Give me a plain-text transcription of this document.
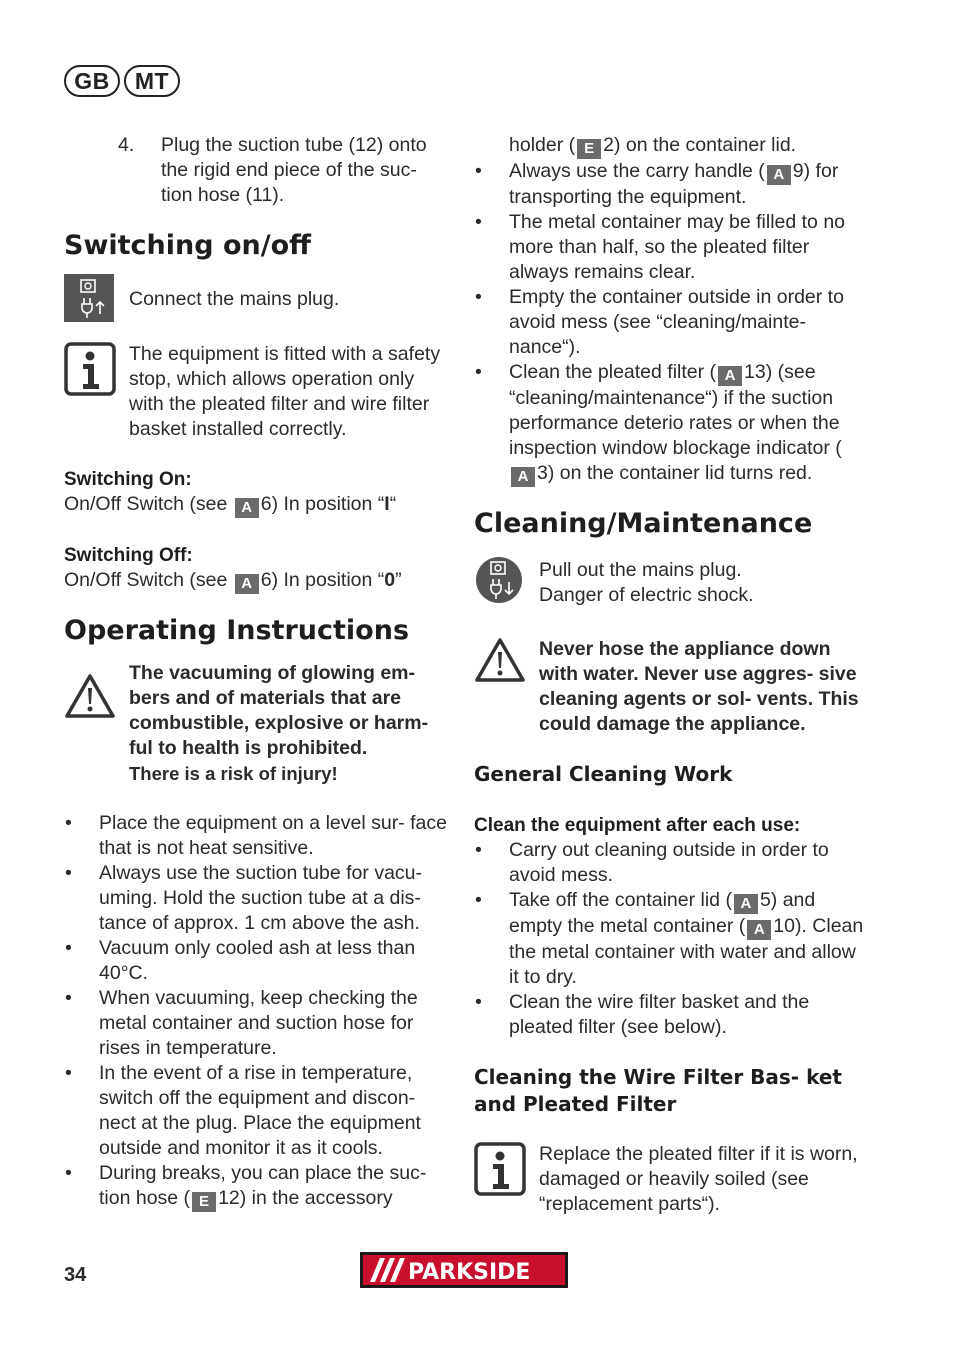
GB	MT
4.	Plug the suction tube (12) onto the rigid end piece of the suc- tion hose (11).
Switching on/off

Connect the mains plug.

The equipment is fitted with a safety stop, which allows operation only with the pleated filter and wire filter basket installed correctly.

Switching On:

On/Off Switch (see A 6) In position “I“

Switching Off:

On/Off Switch (see A 6) In position “0”

Operating Instructions

The vacuuming of glowing em- bers and of materials that are combustible, explosive or harm- ful to health is prohibited.

There is a risk of injury!

• Place the equipment on a level sur- face that is not heat sensitive.
• Always use the suction tube for vacu- uming. Hold the suction tube at a dis- tance of approx. 1 cm above the ash.
• Vacuum only cooled ash at less than 40°C.
• When vacuuming, keep checking the metal container and suction hose for rises in temperature.
• In the event of a rise in temperature, switch off the equipment and discon- nect at the plug. Place the equipment outside and monitor it as it cools.
• During breaks, you can place the suc- tion hose ( E 12) in the accessory

holder ( E 2) on the container lid.

• Always use the carry handle ( A 9) for transporting the equipment.
• The metal container may be filled to no more than half, so the pleated filter always remains clear.
• Empty the container outside in order to avoid mess (see “cleaning/mainte- nance“).
• Clean the pleated filter ( A 13) (see “cleaning/maintenance“) if the suction performance deterio rates or when the inspection window blockage indicator (A 3) on the container lid turns red.
Cleaning/Maintenance

Pull out the mains plug.

Danger of electric shock.

Never hose the appliance down with water. Never use aggres- sive cleaning agents or sol- vents. This could damage the appliance.

General Cleaning Work

Clean the equipment after each use:

• Carry out cleaning outside in order to avoid mess.
• Take off the container lid ( A 5) and empty the metal container ( A 10). Clean the metal container with water and allow it to dry.
• Clean the wire filter basket and the pleated filter (see below).

Cleaning the Wire Filter Bas- ket and Pleated Filter

Replace the pleated filter if it is worn, damaged or heavily soiled (see “replacement parts“).

34	PARKSIDE
